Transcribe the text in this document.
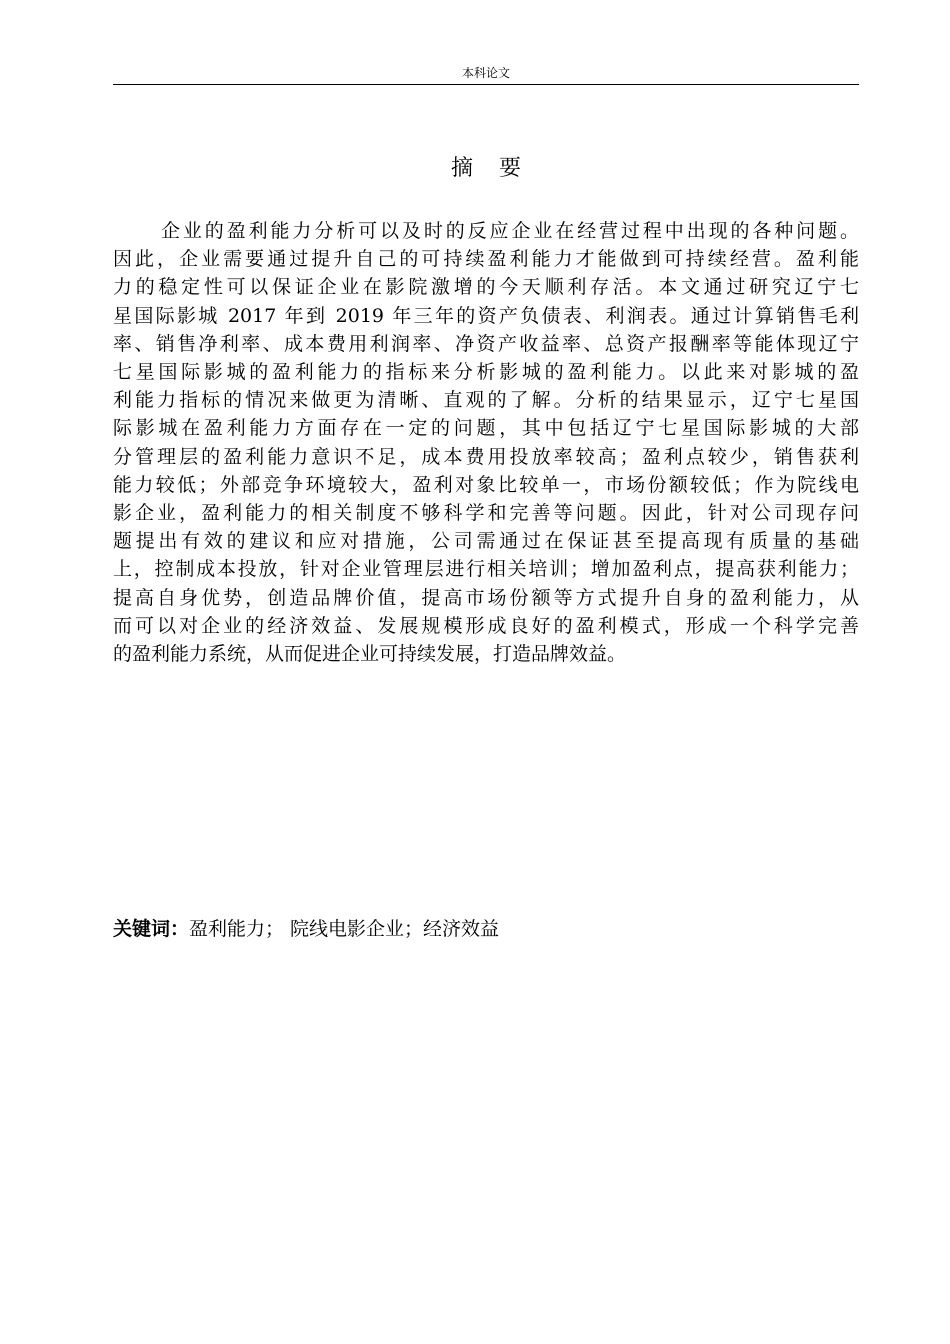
本科论文
摘 要
企业的盈利能力分析可以及时的反应企业在经营过程中出现的各种问题。
因此，企业需要通过提升自己的可持续盈利能力才能做到可持续经营。盈利能
力的稳定性可以保证企业在影院激增的今天顺利存活。本文通过研究辽宁七
星国际影城 2017 年到 2019 年三年的资产负债表、利润表。通过计算销售毛利
率、销售净利率、成本费用利润率、净资产收益率、总资产报酬率等能体现辽宁
七星国际影城的盈利能力的指标来分析影城的盈利能力。以此来对影城的盈
利能力指标的情况来做更为清晰、直观的了解。分析的结果显示，辽宁七星国
际影城在盈利能力方面存在一定的问题，其中包括辽宁七星国际影城的大部
分管理层的盈利能力意识不足，成本费用投放率较高；盈利点较少，销售获利
能力较低；外部竞争环境较大，盈利对象比较单一，市场份额较低；作为院线电
影企业，盈利能力的相关制度不够科学和完善等问题。因此，针对公司现存问
题提出有效的建议和应对措施，公司需通过在保证甚至提高现有质量的基础
上，控制成本投放，针对企业管理层进行相关培训；增加盈利点，提高获利能力；
提高自身优势，创造品牌价值，提高市场份额等方式提升自身的盈利能力，从
而可以对企业的经济效益、发展规模形成良好的盈利模式，形成一个科学完善
的盈利能力系统，从而促进企业可持续发展，打造品牌效益。
关键词：盈利能力； 院线电影企业；经济效益
